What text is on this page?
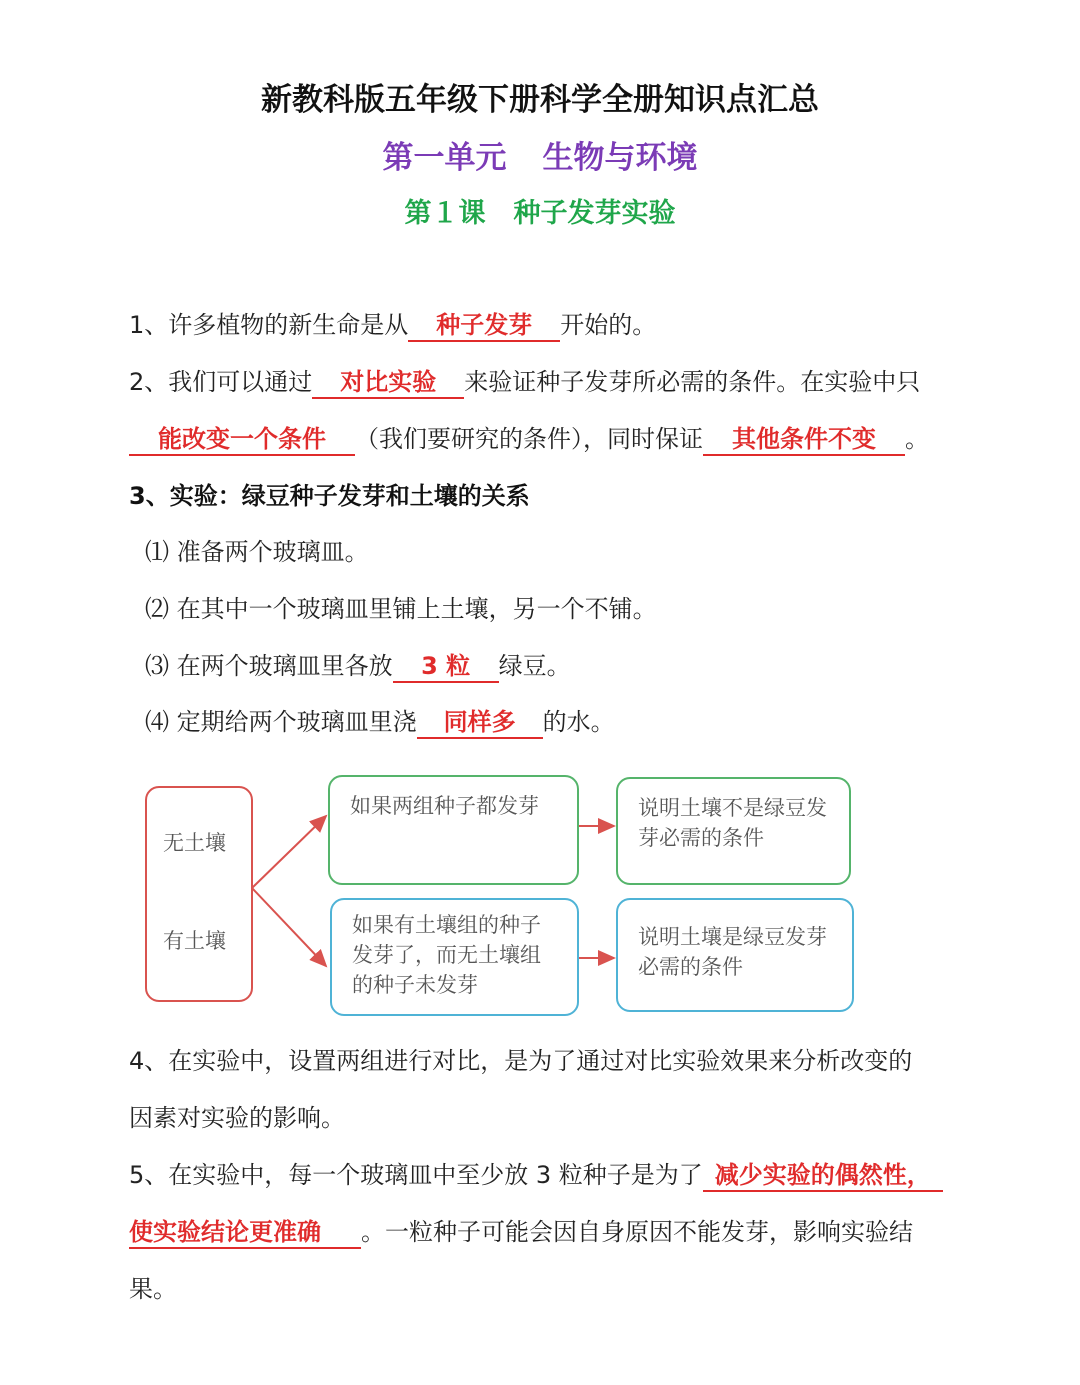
新教科版五年级下册科学全册知识点汇总
第一单元 生物与环境
第１课 种子发芽实验
1、许多植物的新生命是从 种子发芽 开始的。
2、我们可以通过 对比实验 来验证种子发芽所必需的条件。在实验中只
能改变一个条件 （我们要研究的条件），同时保证 其他条件不变 。
3、实验：绿豆种子发芽和土壤的关系
⑴ 准备两个玻璃皿。
⑵ 在其中一个玻璃皿里铺上土壤，另一个不铺。
⑶ 在两个玻璃皿里各放 3 粒 绿豆。
⑷ 定期给两个玻璃皿里浇 同样多 的水。
无土壤
有土壤
如果两组种子都发芽
如果有土壤组的种子发芽了，而无土壤组的种子未发芽
说明土壤不是绿豆发芽必需的条件
说明土壤是绿豆发芽必需的条件
4、在实验中，设置两组进行对比，是为了通过对比实验效果来分析改变的
因素对实验的影响。
5、在实验中，每一个玻璃皿中至少放 3 粒种子是为了 减少实验的偶然性，
使实验结论更准确 。一粒种子可能会因自身原因不能发芽，影响实验结
果。
